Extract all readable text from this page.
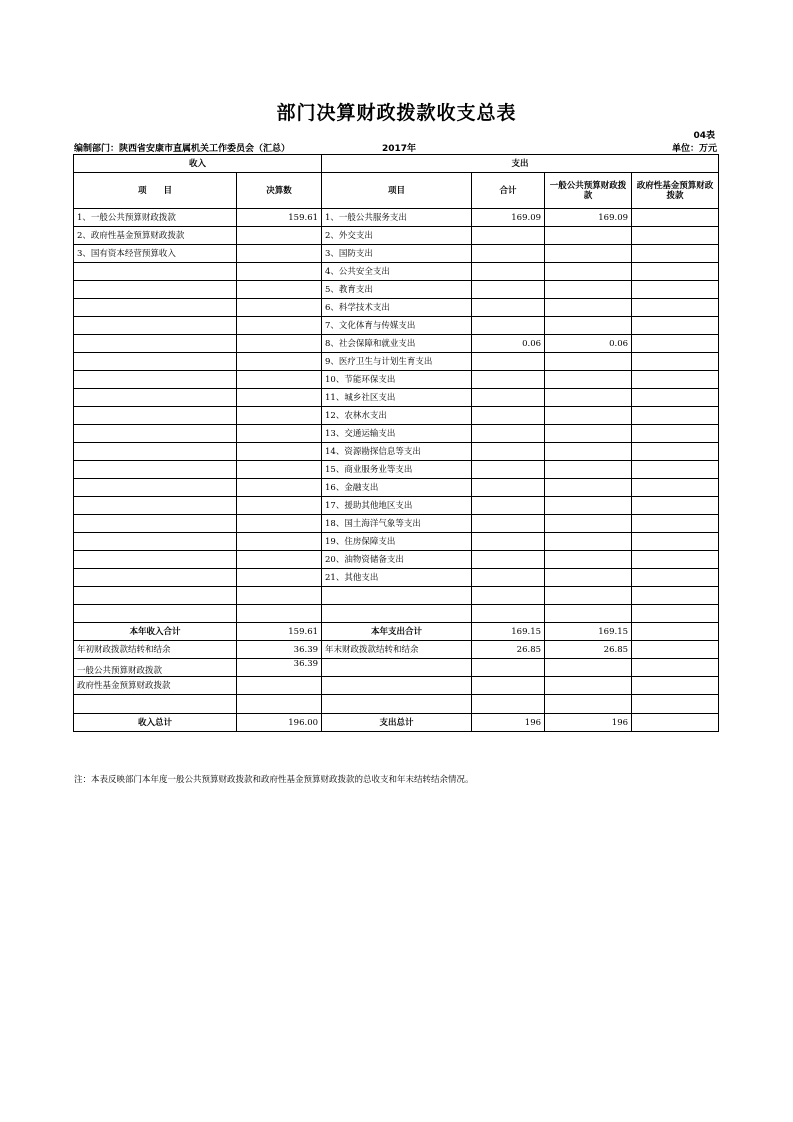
部门决算财政拨款收支总表
04表
编制部门：陕西省安康市直属机关工作委员会（汇总）	2017年	单位：万元
收入		支出			
项　　目	决算数	项目	合计	一般公共预算财政拨款	政府性基金预算财政拨款
1、一般公共预算财政拨款	159.61	1、一般公共服务支出	169.09	169.09	
2、政府性基金预算财政拨款		2、外交支出			
3、国有资本经营预算收入		3、国防支出			
		4、公共安全支出			
		5、教育支出			
		6、科学技术支出			
		7、文化体育与传媒支出			
		8、社会保障和就业支出	0.06	0.06	
		9、医疗卫生与计划生育支出			
		10、节能环保支出			
		11、城乡社区支出			
		12、农林水支出			
		13、交通运输支出			
		14、资源勘探信息等支出			
		15、商业服务业等支出			
		16、金融支出			
		17、援助其他地区支出			
		18、国土海洋气象等支出			
		19、住房保障支出			
		20、油物资储备支出			
		21、其他支出			

本年收入合计	159.61	本年支出合计	169.15	169.15	
年初财政拨款结转和结余	36.39	年末财政拨款结转和结余	26.85	26.85	
一般公共预算财政拨款	36.39				
政府性基金预算财政拨款					

收入总计	196.00	支出总计	196	196	
注：本表反映部门本年度一般公共预算财政拨款和政府性基金预算财政拨款的总收支和年末结转结余情况。
